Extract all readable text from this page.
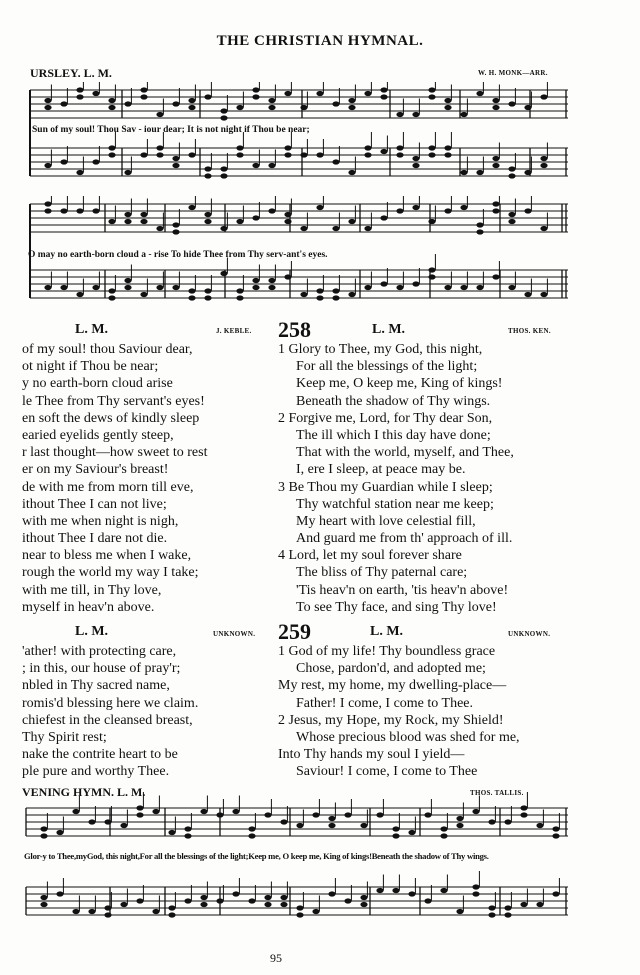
THE CHRISTIAN HYMNAL.
URSLEY. L. M.	W. H. MONK—ARR.
Sun of my soul! Thou Sav - iour dear; It is not night if Thou be near;
O may no earth-born cloud a - rise To hide Thee from Thy serv-ant's eyes.
L. M.	J. KEBLE.
of my soul! thou Saviour dear,
ot night if Thou be near;
y no earth-born cloud arise
le Thee from Thy servant's eyes!
en soft the dews of kindly sleep
earied eyelids gently steep,
r last thought—how sweet to rest
er on my Saviour's breast!
de with me from morn till eve,
ithout Thee I can not live;
with me when night is nigh,
ithout Thee I dare not die.
near to bless me when I wake,
rough the world my way I take;
with me till, in Thy love,
myself in heav'n above.
258	L. M.	THOS. KEN.
1 Glory to Thee, my God, this night,
For all the blessings of the light;
Keep me, O keep me, King of kings!
Beneath the shadow of Thy wings.
2 Forgive me, Lord, for Thy dear Son,
The ill which I this day have done;
That with the world, myself, and Thee,
I, ere I sleep, at peace may be.
3 Be Thou my Guardian while I sleep;
Thy watchful station near me keep;
My heart with love celestial fill,
And guard me from th' approach of ill.
4 Lord, let my soul forever share
The bliss of Thy paternal care;
'Tis heav'n on earth, 'tis heav'n above!
To see Thy face, and sing Thy love!
L. M.	UNKNOWN.
'ather! with protecting care,
; in this, our house of pray'r;
nbled in Thy sacred name,
romis'd blessing here we claim.
chiefest in the cleansed breast,
Thy Spirit rest;
nake the contrite heart to be
ple pure and worthy Thee.
259	L. M.	UNKNOWN.
1 God of my life! Thy boundless grace
Chose, pardon'd, and adopted me;
My rest, my home, my dwelling-place—
Father! I come, I come to Thee.
2 Jesus, my Hope, my Rock, my Shield!
Whose precious blood was shed for me,
Into Thy hands my soul I yield—
Saviour! I come, I come to Thee
VENING HYMN. L. M.	THOS. TALLIS.
Glor-y to Thee,myGod, this night,For all the blessings of the light;Keep me, O keep me, King of kings!Beneath the shadow of Thy wings.
95
